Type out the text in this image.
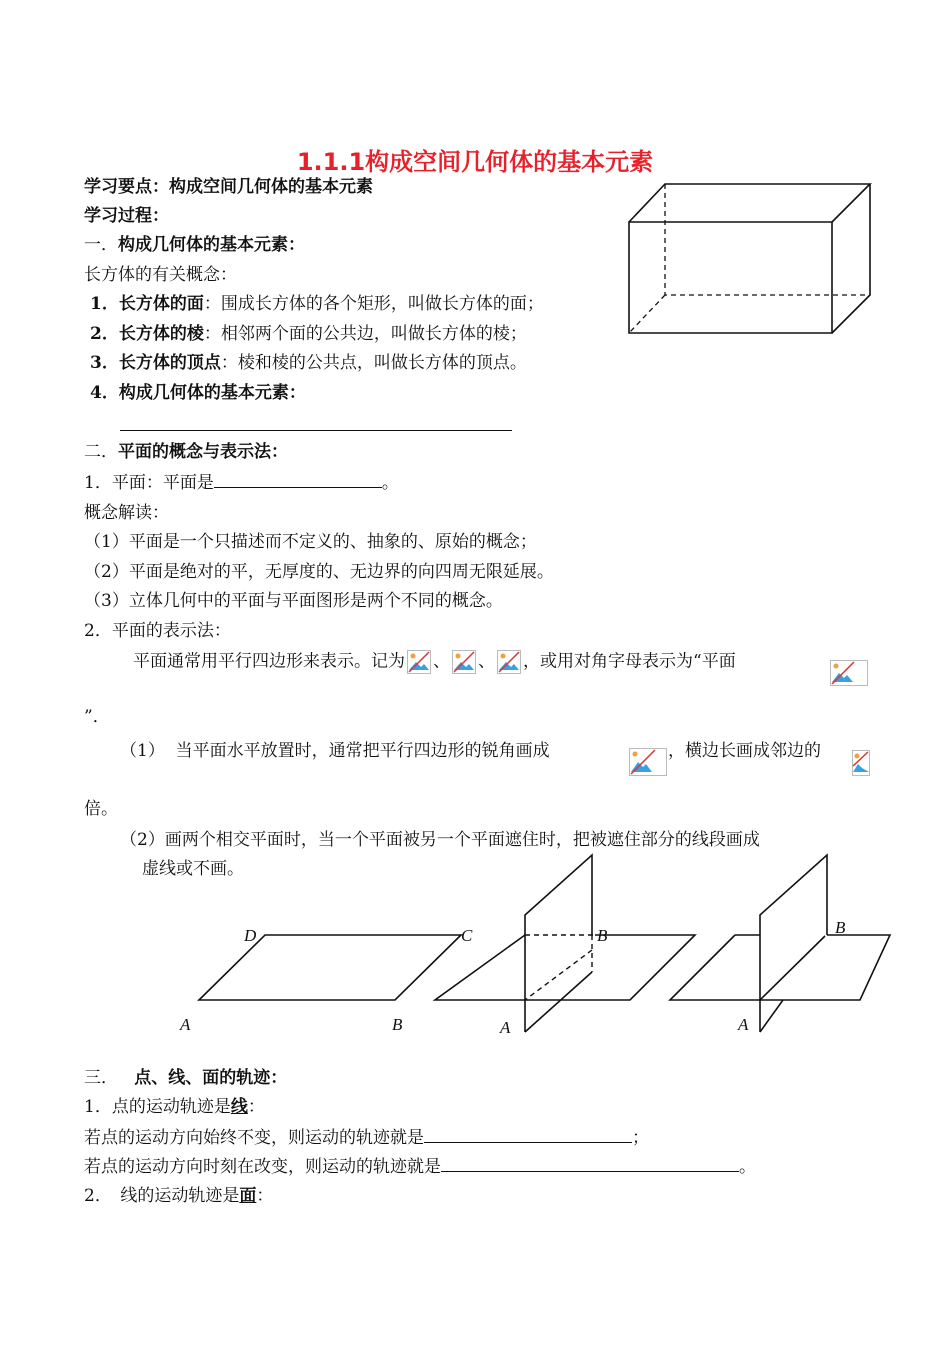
1.1.1构成空间几何体的基本元素
学习要点：构成空间几何体的基本元素
学习过程：
一．构成几何体的基本元素：
长方体的有关概念：
1．长方体的面：围成长方体的各个矩形，叫做长方体的面；
2．长方体的棱：相邻两个面的公共边，叫做长方体的棱；
3．长方体的顶点：棱和棱的公共点，叫做长方体的顶点。
4．构成几何体的基本元素：
二．平面的概念与表示法：
1．平面：平面是	。
概念解读：
（1）平面是一个只描述而不定义的、抽象的、原始的概念；
（2）平面是绝对的平，无厚度的、无边界的向四周无限延展。
（3）立体几何中的平面与平面图形是两个不同的概念。
2．平面的表示法：
平面通常用平行四边形来表示。记为 、 、 ，或用对角字母表示为“平面
”．
（1） 当平面水平放置时，通常把平行四边形的锐角画成	，横边长画成邻边的
倍。
（2）画两个相交平面时，当一个平面被另一个平面遮住时，把被遮住部分的线段画成
虚线或不画。
D	C
A	B
B
A
B
A
三． 点、线、面的轨迹：
1．点的运动轨迹是线：
若点的运动方向始终不变，则运动的轨迹就是	；
若点的运动方向时刻在改变，则运动的轨迹就是	。
2．　线的运动轨迹是面：
